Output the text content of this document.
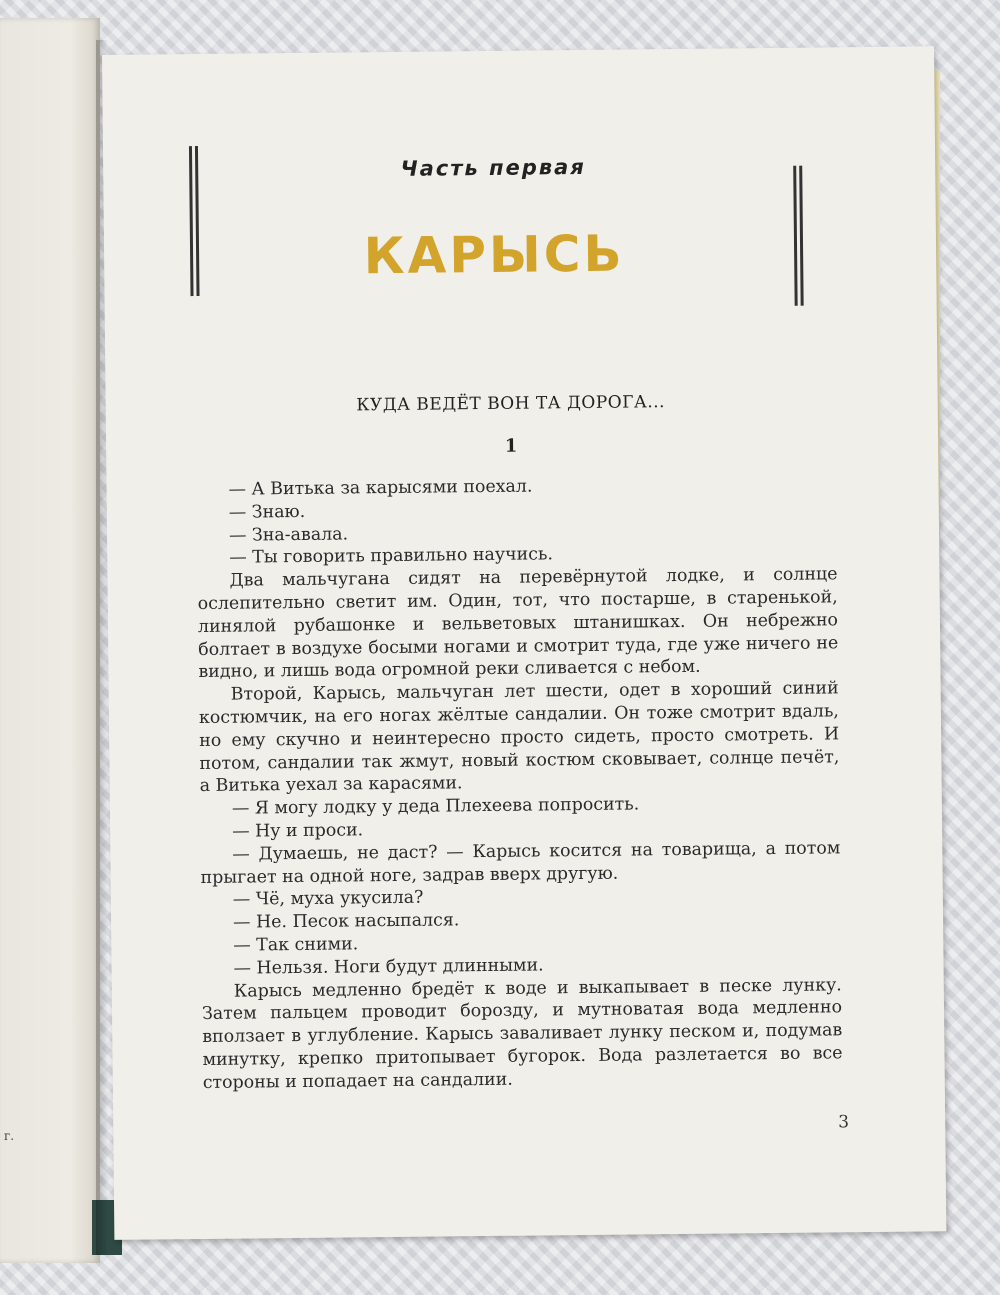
г.
Часть первая
КАРЫСЬ
КУДА ВЕДЁТ ВОН ТА ДОРОГА...
1

— А Витька за карысями поехал.

— Знаю.

— Зна-авала.

— Ты говорить правильно научись.

Два мальчугана сидят на перевёрнутой лодке, и солнце ослепительно светит им. Один, тот, что постарше, в старенькой, линялой рубашонке и вельветовых штанишках. Он небрежно болтает в воздухе босыми ногами и смотрит туда, где уже ничего не видно, и лишь вода огромной реки сливается с небом.

Второй, Карысь, мальчуган лет шести, одет в хороший синий костюмчик, на его ногах жёлтые сандалии. Он тоже смотрит вдаль, но ему скучно и неинтересно просто сидеть, просто смотреть. И потом, сандалии так жмут, новый костюм сковывает, солнце печёт, а Витька уехал за карасями.

— Я могу лодку у деда Плехеева попросить.

— Ну и проси.

— Думаешь, не даст? — Карысь косится на товарища, а потом прыгает на одной ноге, задрав вверх другую.

— Чё, муха укусила?

— Не. Песок насыпался.

— Так сними.

— Нельзя. Ноги будут длинными.

Карысь медленно бредёт к воде и выкапывает в песке лунку. Затем пальцем проводит борозду, и мутноватая вода медленно вползает в углубление. Карысь заваливает лунку песком и, подумав минутку, крепко притопывает бугорок. Вода разлетается во все стороны и попадает на сандалии.

3
